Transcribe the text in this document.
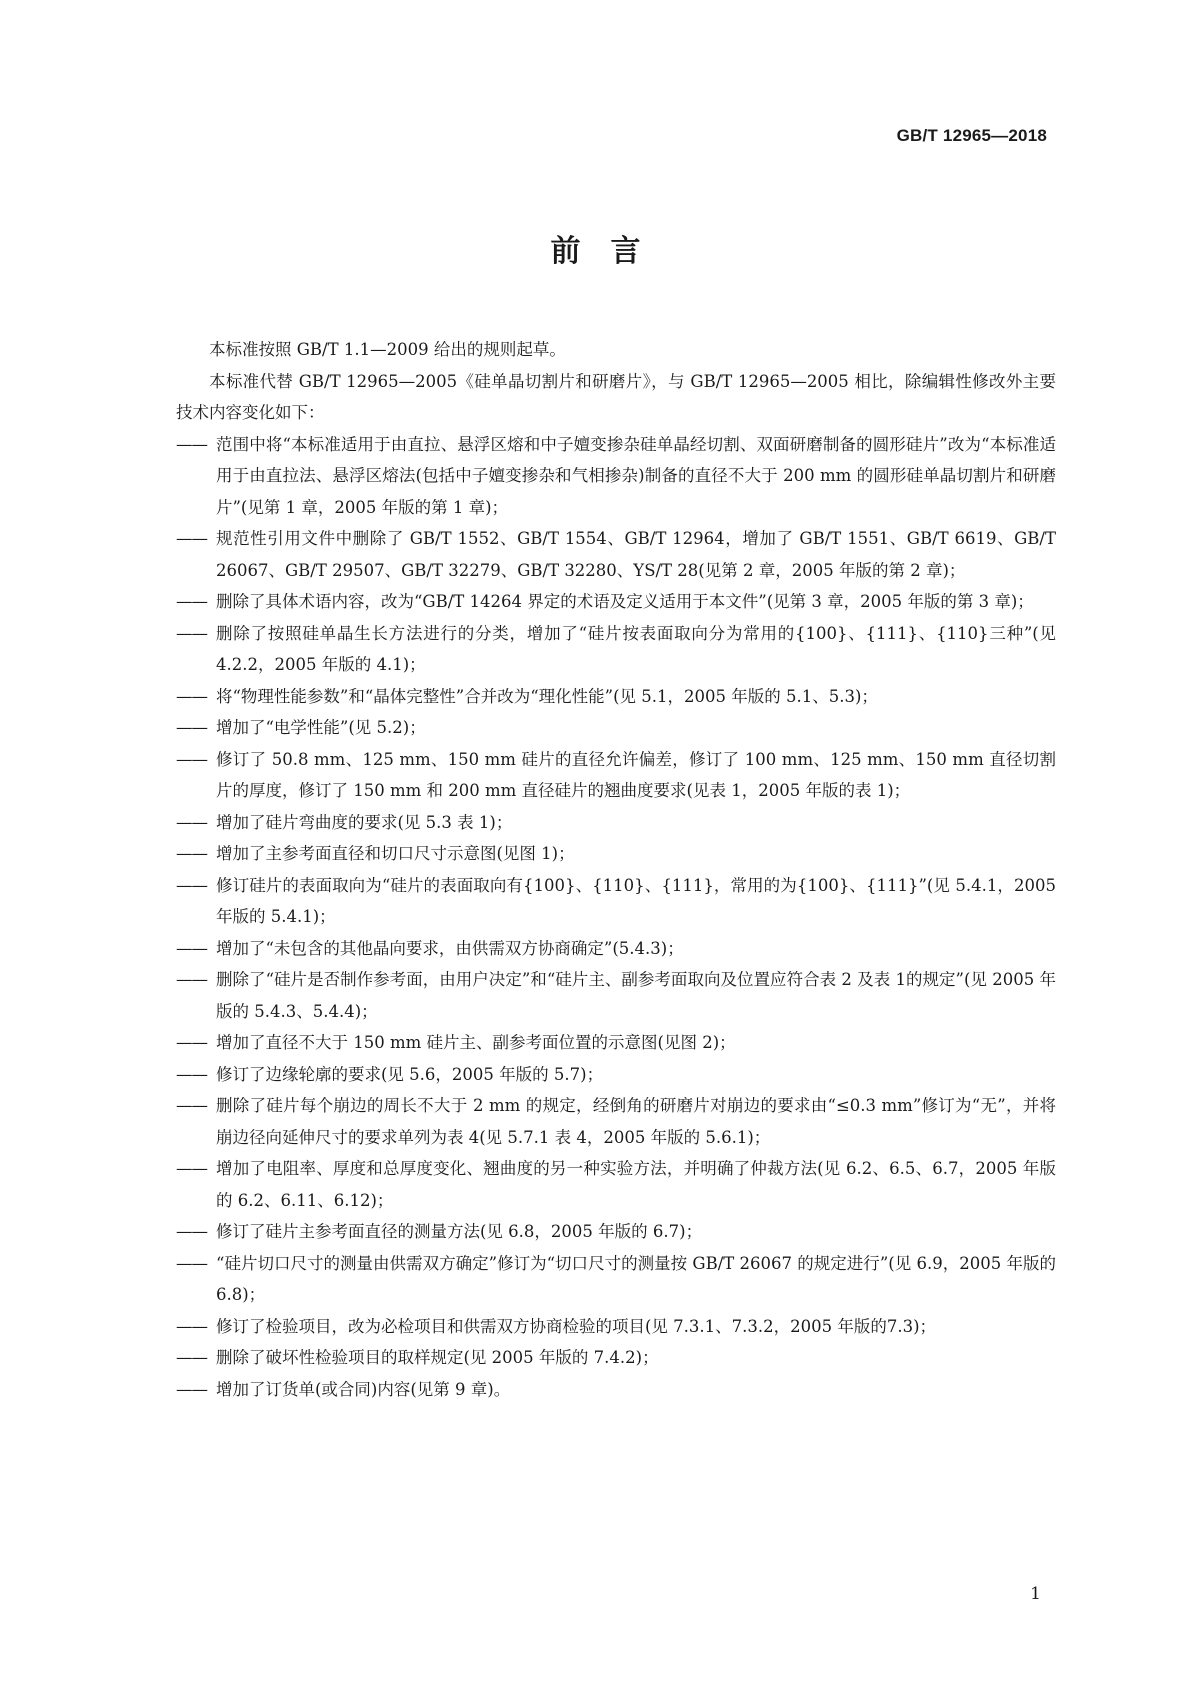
GB/T 12965—2018
前言

本标准按照 GB/T 1.1—2009 给出的规则起草。

本标准代替 GB/T 12965—2005《硅单晶切割片和研磨片》，与 GB/T 12965—2005 相比，除编辑性修改外主要技术内容变化如下：

—— 范围中将“本标准适用于由直拉、悬浮区熔和中子嬗变掺杂硅单晶经切割、双面研磨制备的圆形硅片”改为“本标准适用于由直拉法、悬浮区熔法(包括中子嬗变掺杂和气相掺杂)制备的直径不大于 200 mm 的圆形硅单晶切割片和研磨片”(见第 1 章，2005 年版的第 1 章)；

—— 规范性引用文件中删除了 GB/T 1552、GB/T 1554、GB/T 12964，增加了 GB/T 1551、GB/T 6619、GB/T 26067、GB/T 29507、GB/T 32279、GB/T 32280、YS/T 28(见第 2 章，2005 年版的第 2 章)；

—— 删除了具体术语内容，改为“GB/T 14264 界定的术语及定义适用于本文件”(见第 3 章，2005 年版的第 3 章)；

—— 删除了按照硅单晶生长方法进行的分类，增加了“硅片按表面取向分为常用的{100}、{111}、{110}三种”(见 4.2.2，2005 年版的 4.1)；

—— 将“物理性能参数”和“晶体完整性”合并改为“理化性能”(见 5.1，2005 年版的 5.1、5.3)；

—— 增加了“电学性能”(见 5.2)；

—— 修订了 50.8 mm、125 mm、150 mm 硅片的直径允许偏差，修订了 100 mm、125 mm、150 mm 直径切割片的厚度，修订了 150 mm 和 200 mm 直径硅片的翘曲度要求(见表 1，2005 年版的表 1)；

—— 增加了硅片弯曲度的要求(见 5.3 表 1)；

—— 增加了主参考面直径和切口尺寸示意图(见图 1)；

—— 修订硅片的表面取向为“硅片的表面取向有{100}、{110}、{111}，常用的为{100}、{111}”(见 5.4.1，2005 年版的 5.4.1)；

—— 增加了“未包含的其他晶向要求，由供需双方协商确定”(5.4.3)；

—— 删除了“硅片是否制作参考面，由用户决定”和“硅片主、副参考面取向及位置应符合表 2 及表 1的规定”(见 2005 年版的 5.4.3、5.4.4)；

—— 增加了直径不大于 150 mm 硅片主、副参考面位置的示意图(见图 2)；

—— 修订了边缘轮廓的要求(见 5.6，2005 年版的 5.7)；

—— 删除了硅片每个崩边的周长不大于 2 mm 的规定，经倒角的研磨片对崩边的要求由“≤0.3 mm”修订为“无”，并将崩边径向延伸尺寸的要求单列为表 4(见 5.7.1 表 4，2005 年版的 5.6.1)；

—— 增加了电阻率、厚度和总厚度变化、翘曲度的另一种实验方法，并明确了仲裁方法(见 6.2、6.5、6.7，2005 年版的 6.2、6.11、6.12)；

—— 修订了硅片主参考面直径的测量方法(见 6.8，2005 年版的 6.7)；

—— “硅片切口尺寸的测量由供需双方确定”修订为“切口尺寸的测量按 GB/T 26067 的规定进行”(见 6.9，2005 年版的 6.8)；

—— 修订了检验项目，改为必检项目和供需双方协商检验的项目(见 7.3.1、7.3.2，2005 年版的7.3)；

—— 删除了破坏性检验项目的取样规定(见 2005 年版的 7.4.2)；

—— 增加了订货单(或合同)内容(见第 9 章)。

1
